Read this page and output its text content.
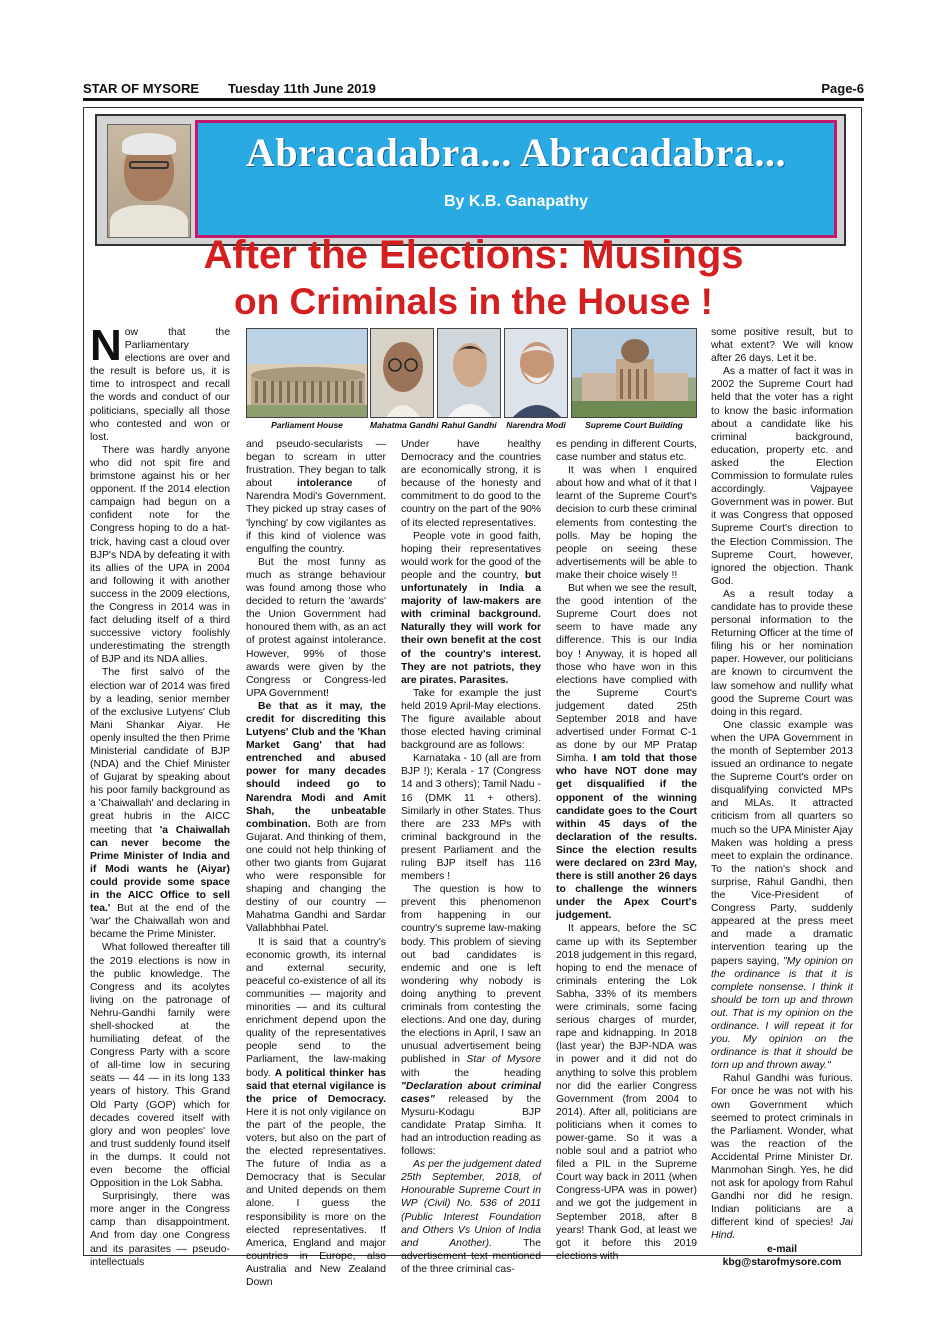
STAR OF MYSORE Tuesday 11th June 2019	Page-6
Abracadabra... Abracadabra...
By K.B. Ganapathy
After the Elections: Musings
on Criminals in the House !
Parliament House	Mahatma Gandhi Rahul Gandhi	Narendra Modi	Supreme Court Building

Now that the Parliamentary elections are over and the result is before us, it is time to introspect and recall the words and conduct of our politicians, specially all those who contested and won or lost.

There was hardly anyone who did not spit fire and brimstone against his or her opponent. If the 2014 election campaign had begun on a confident note for the Congress hoping to do a hat-trick, having cast a cloud over BJP's NDA by defeating it with its allies of the UPA in 2004 and following it with another success in the 2009 elections, the Congress in 2014 was in fact deluding itself of a third successive victory foolishly underestimating the strength of BJP and its NDA allies.

The first salvo of the election war of 2014 was fired by a leading, senior member of the exclusive Lutyens' Club Mani Shankar Aiyar. He openly insulted the then Prime Ministerial candidate of BJP (NDA) and the Chief Minister of Gujarat by speaking about his poor family background as a 'Chaiwallah' and declaring in great hubris in the AICC meeting that 'a Chaiwallah can never become the Prime Minister of India and if Modi wants he (Aiyar) could provide some space in the AICC Office to sell tea.' But at the end of the 'war' the Chaiwallah won and became the Prime Minister.

What followed thereafter till the 2019 elections is now in the public knowledge. The Congress and its acolytes living on the patronage of Nehru-Gandhi family were shell-shocked at the humiliating defeat of the Congress Party with a score of all-time low in securing seats — 44 — in its long 133 years of history. This Grand Old Party (GOP) which for decades covered itself with glory and won peoples' love and trust suddenly found itself in the dumps. It could not even become the official Opposition in the Lok Sabha.

Surprisingly, there was more anger in the Congress camp than disappointment. And from day one Congress and its parasites — pseudo-intellectuals

and pseudo-secularists — began to scream in utter frustration. They began to talk about intolerance of Narendra Modi's Government. They picked up stray cases of 'lynching' by cow vigilantes as if this kind of violence was engulfing the country.

But the most funny as much as strange behaviour was found among those who decided to return the 'awards' the Union Government had honoured them with, as an act of protest against intolerance. However, 99% of those awards were given by the Congress or Congress-led UPA Government!

Be that as it may, the credit for discrediting this Lutyens' Club and the 'Khan Market Gang' that had entrenched and abused power for many decades should indeed go to Narendra Modi and Amit Shah, the unbeatable combination. Both are from Gujarat. And thinking of them, one could not help thinking of other two giants from Gujarat who were responsible for shaping and changing the destiny of our country — Mahatma Gandhi and Sardar Vallabhbhai Patel.

It is said that a country's economic growth, its internal and external security, peaceful co-existence of all its communities — majority and minorities — and its cultural enrichment depend upon the quality of the representatives people send to the Parliament, the law-making body. A political thinker has said that eternal vigilance is the price of Democracy. Here it is not only vigilance on the part of the people, the voters, but also on the part of the elected representatives. The future of India as a Democracy that is Secular and United depends on them alone. I guess the responsibility is more on the elected representatives. If America, England and major countries in Europe, also Australia and New Zealand Down

Under have healthy Democracy and the countries are economically strong, it is because of the honesty and commitment to do good to the country on the part of the 90% of its elected representatives.

People vote in good faith, hoping their representatives would work for the good of the people and the country, but unfortunately in India a majority of law-makers are with criminal background. Naturally they will work for their own benefit at the cost of the country's interest. They are not patriots, they are pirates. Parasites.

Take for example the just held 2019 April-May elections. The figure available about those elected having criminal background are as follows:

Karnataka - 10 (all are from BJP !); Kerala - 17 (Congress 14 and 3 others); Tamil Nadu - 16 (DMK 11 + others). Similarly in other States. Thus there are 233 MPs with criminal background in the present Parliament and the ruling BJP itself has 116 members !

The question is how to prevent this phenomenon from happening in our country's supreme law-making body. This problem of sieving out bad candidates is endemic and one is left wondering why nobody is doing anything to prevent criminals from contesting the elections. And one day, during the elections in April, I saw an unusual advertisement being published in Star of Mysore with the heading "Declaration about criminal cases" released by the Mysuru-Kodagu BJP candidate Pratap Simha. It had an introduction reading as follows:

As per the judgement dated 25th September, 2018, of Honourable Supreme Court in WP (Civil) No. 536 of 2011 (Public Interest Foundation and Others Vs Union of India and Another). The advertisement text mentioned of the three criminal cas-

es pending in different Courts, case number and status etc.

It was when I enquired about how and what of it that I learnt of the Supreme Court's decision to curb these criminal elements from contesting the polls. May be hoping the people on seeing these advertisements will be able to make their choice wisely !!

But when we see the result, the good intention of the Supreme Court does not seem to have made any difference. This is our India boy ! Anyway, it is hoped all those who have won in this elections have complied with the Supreme Court's judgement dated 25th September 2018 and have advertised under Format C-1 as done by our MP Pratap Simha. I am told that those who have NOT done may get disqualified if the opponent of the winning candidate goes to the Court within 45 days of the declaration of the results. Since the election results were declared on 23rd May, there is still another 26 days to challenge the winners under the Apex Court's judgement.

It appears, before the SC came up with its September 2018 judgement in this regard, hoping to end the menace of criminals entering the Lok Sabha, 33% of its members were criminals, some facing serious charges of murder, rape and kidnapping. In 2018 (last year) the BJP-NDA was in power and it did not do anything to solve this problem nor did the earlier Congress Government (from 2004 to 2014). After all, politicians are politicians when it comes to power-game. So it was a noble soul and a patriot who filed a PIL in the Supreme Court way back in 2011 (when Congress-UPA was in power) and we got the judgement in September 2018, after 8 years! Thank God, at least we got it before this 2019 elections with

some positive result, but to what extent? We will know after 26 days. Let it be.

As a matter of fact it was in 2002 the Supreme Court had held that the voter has a right to know the basic information about a candidate like his criminal background, education, property etc. and asked the Election Commission to formulate rules accordingly. Vajpayee Government was in power. But it was Congress that opposed Supreme Court's direction to the Election Commission. The Supreme Court, however, ignored the objection. Thank God.

As a result today a candidate has to provide these personal information to the Returning Officer at the time of filing his or her nomination paper. However, our politicians are known to circumvent the law somehow and nullify what good the Supreme Court was doing in this regard.

One classic example was when the UPA Government in the month of September 2013 issued an ordinance to negate the Supreme Court's order on disqualifying convicted MPs and MLAs. It attracted criticism from all quarters so much so the UPA Minister Ajay Maken was holding a press meet to explain the ordinance. To the nation's shock and surprise, Rahul Gandhi, then the Vice-President of Congress Party, suddenly appeared at the press meet and made a dramatic intervention tearing up the papers saying, "My opinion on the ordinance is that it is complete nonsense. I think it should be torn up and thrown out. That is my opinion on the ordinance. I will repeat it for you. My opinion on the ordinance is that it should be torn up and thrown away."

Rahul Gandhi was furious. For once he was not with his own Government which seemed to protect criminals in the Parliament. Wonder, what was the reaction of the Accidental Prime Minister Dr. Manmohan Singh. Yes, he did not ask for apology from Rahul Gandhi nor did he resign. Indian politicians are a different kind of species! Jai Hind.

e-mail

kbg@starofmysore.com
